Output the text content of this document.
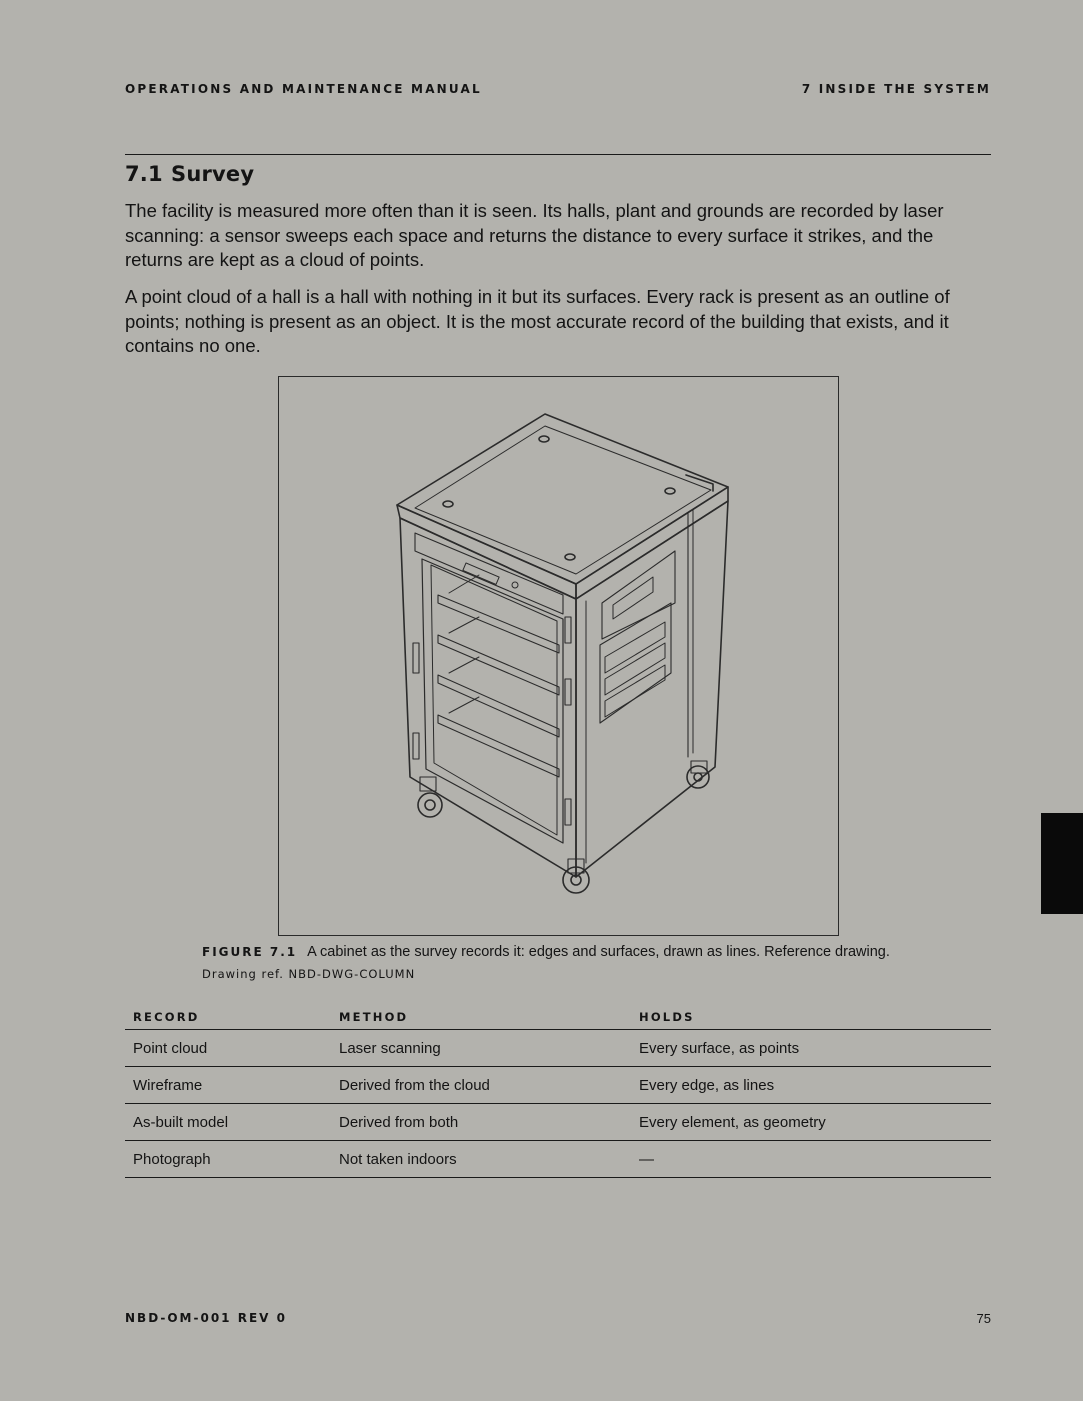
OPERATIONS AND MAINTENANCE MANUAL	7 INSIDE THE SYSTEM
7.1 Survey

The facility is measured more often than it is seen. Its halls, plant and grounds are recorded by laser scanning: a sensor sweeps each space and returns the distance to every surface it strikes, and the returns are kept as a cloud of points.

A point cloud of a hall is a hall with nothing in it but its surfaces. Every rack is present as an outline of points; nothing is present as an object. It is the most accurate record of the building that exists, and it contains no one.

FIGURE 7.1 A cabinet as the survey records it: edges and surfaces, drawn as lines. Reference drawing.
Drawing ref. NBD-DWG-COLUMN
RECORD	METHOD	HOLDS
Point cloud	Laser scanning	Every surface, as points
Wireframe	Derived from the cloud	Every edge, as lines
As-built model	Derived from both	Every element, as geometry
Photograph	Not taken indoors	—
NBD-OM-001 REV 0	75
